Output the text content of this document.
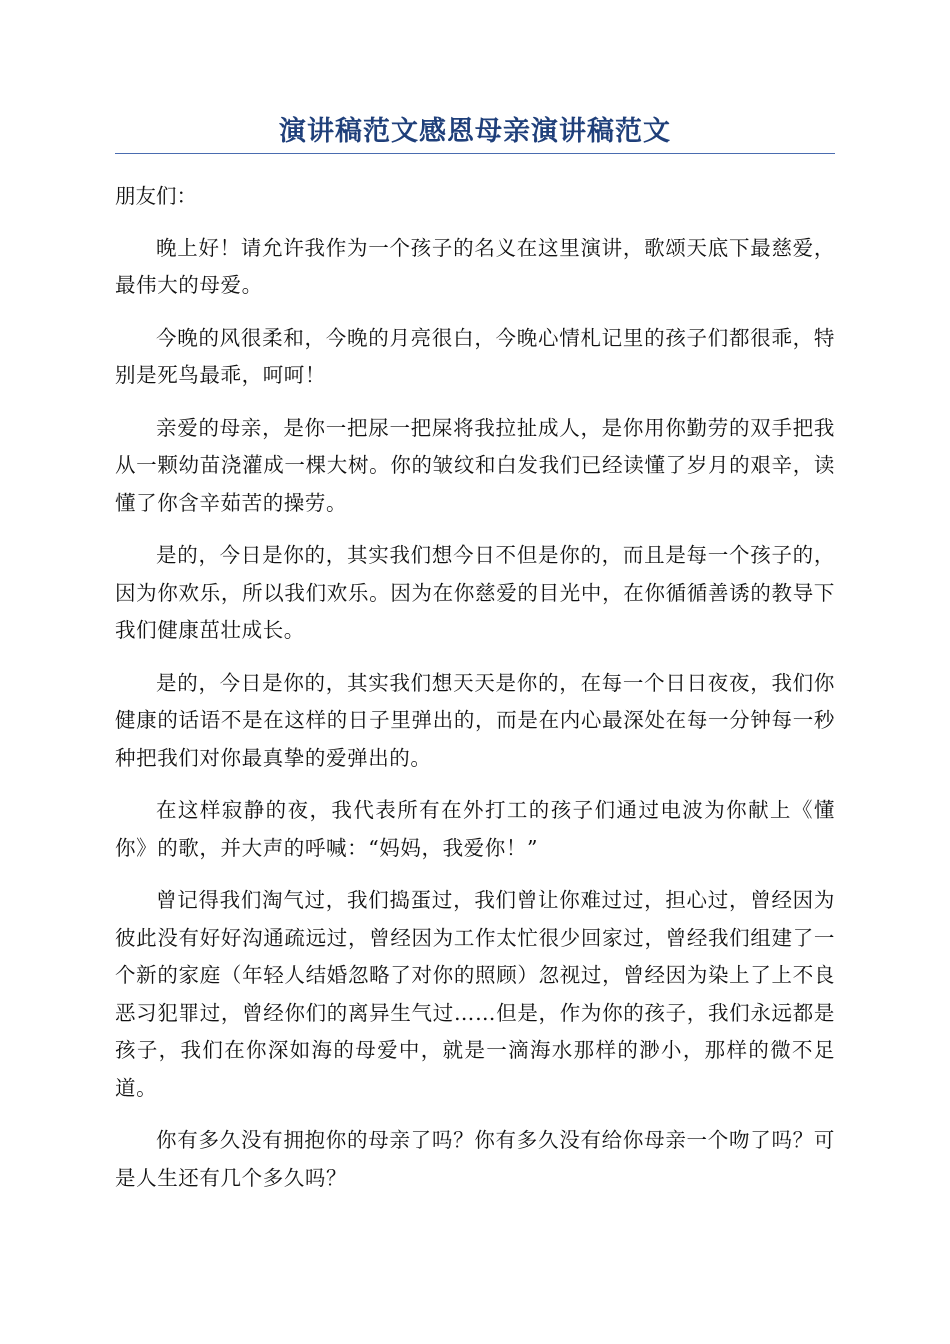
演讲稿范文感恩母亲演讲稿范文

朋友们：

晚上好！请允许我作为一个孩子的名义在这里演讲，歌颂天底下最慈爱，最伟大的母爱。

今晚的风很柔和，今晚的月亮很白，今晚心情札记里的孩子们都很乖，特别是死鸟最乖，呵呵！

亲爱的母亲，是你一把尿一把屎将我拉扯成人，是你用你勤劳的双手把我从一颗幼苗浇灌成一棵大树。你的皱纹和白发我们已经读懂了岁月的艰辛，读懂了你含辛茹苦的操劳。

是的，今日是你的，其实我们想今日不但是你的，而且是每一个孩子的，因为你欢乐，所以我们欢乐。因为在你慈爱的目光中，在你循循善诱的教导下我们健康茁壮成长。

是的，今日是你的，其实我们想天天是你的，在每一个日日夜夜，我们你健康的话语不是在这样的日子里弹出的，而是在内心最深处在每一分钟每一秒种把我们对你最真挚的爱弹出的。

在这样寂静的夜，我代表所有在外打工的孩子们通过电波为你献上《懂你》的歌，并大声的呼喊：“妈妈，我爱你！”

曾记得我们淘气过，我们捣蛋过，我们曾让你难过过，担心过，曾经因为彼此没有好好沟通疏远过，曾经因为工作太忙很少回家过，曾经我们组建了一个新的家庭（年轻人结婚忽略了对你的照顾）忽视过，曾经因为染上了上不良恶习犯罪过，曾经你们的离异生气过……但是，作为你的孩子，我们永远都是孩子，我们在你深如海的母爱中，就是一滴海水那样的渺小，那样的微不足道。

你有多久没有拥抱你的母亲了吗？你有多久没有给你母亲一个吻了吗？可是人生还有几个多久吗？
